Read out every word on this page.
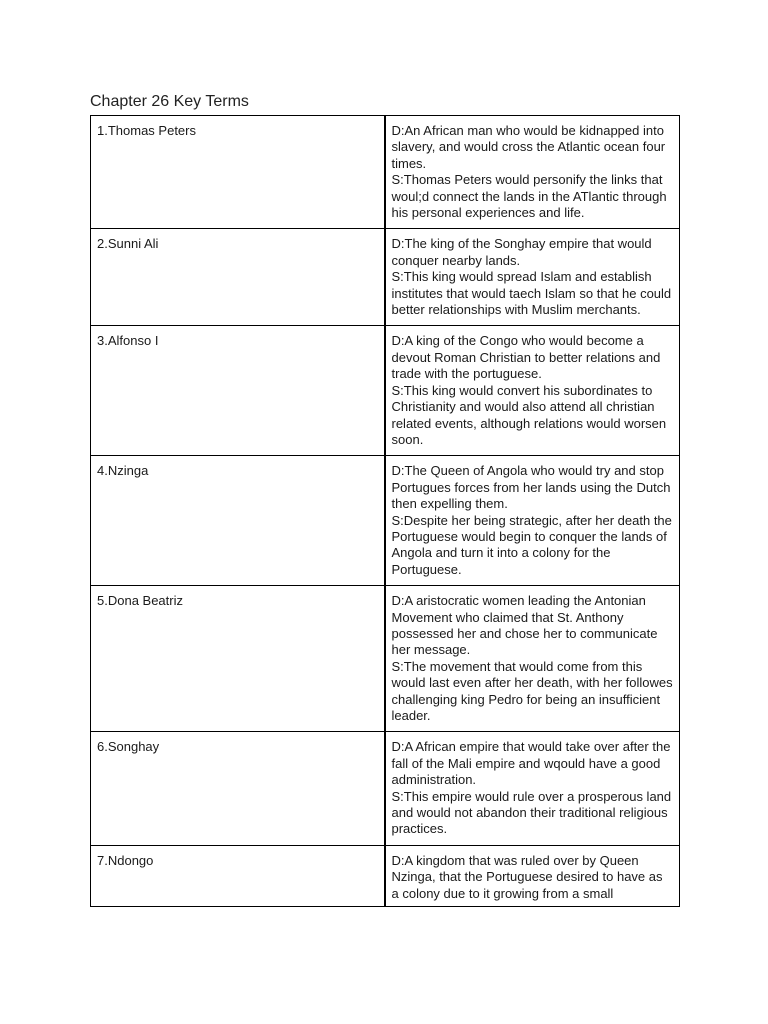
Chapter 26 Key Terms
1.Thomas Peters	D:An African man who would be kidnapped into slavery, and would cross the Atlantic ocean four times.
S:Thomas Peters would personify the links that woul;d connect the lands in the ATlantic through his personal experiences and life.

2.Sunni Ali	D:The king of the Songhay empire that would conquer nearby lands.
S:This king would spread Islam and establish institutes that would taech Islam so that he could better relationships with Muslim merchants.

3.Alfonso I	D:A king of the Congo who would become a devout Roman Christian to better relations and trade with the portuguese.
S:This king would convert his subordinates to Christianity and would also attend all christian related events, although relations would worsen soon.

4.Nzinga	D:The Queen of Angola who would try and stop Portugues forces from her lands using the Dutch then expelling them.
S:Despite her being strategic, after her death the Portuguese would begin to conquer the lands of Angola and turn it into a colony for the Portuguese.

5.Dona Beatriz	D:A aristocratic women leading the Antonian Movement who claimed that St. Anthony possessed her and chose her to communicate her message.
S:The movement that would come from this would last even after her death, with her followes challenging king Pedro for being an insufficient leader.

6.Songhay	D:A African empire that would take over after the fall of the Mali empire and wqould have a good administration.
S:This empire would rule over a prosperous land and would not abandon their traditional religious practices.

7.Ndongo	D:A kingdom that was ruled over by Queen Nzinga, that the Portuguese desired to have as a colony due to it growing from a small
